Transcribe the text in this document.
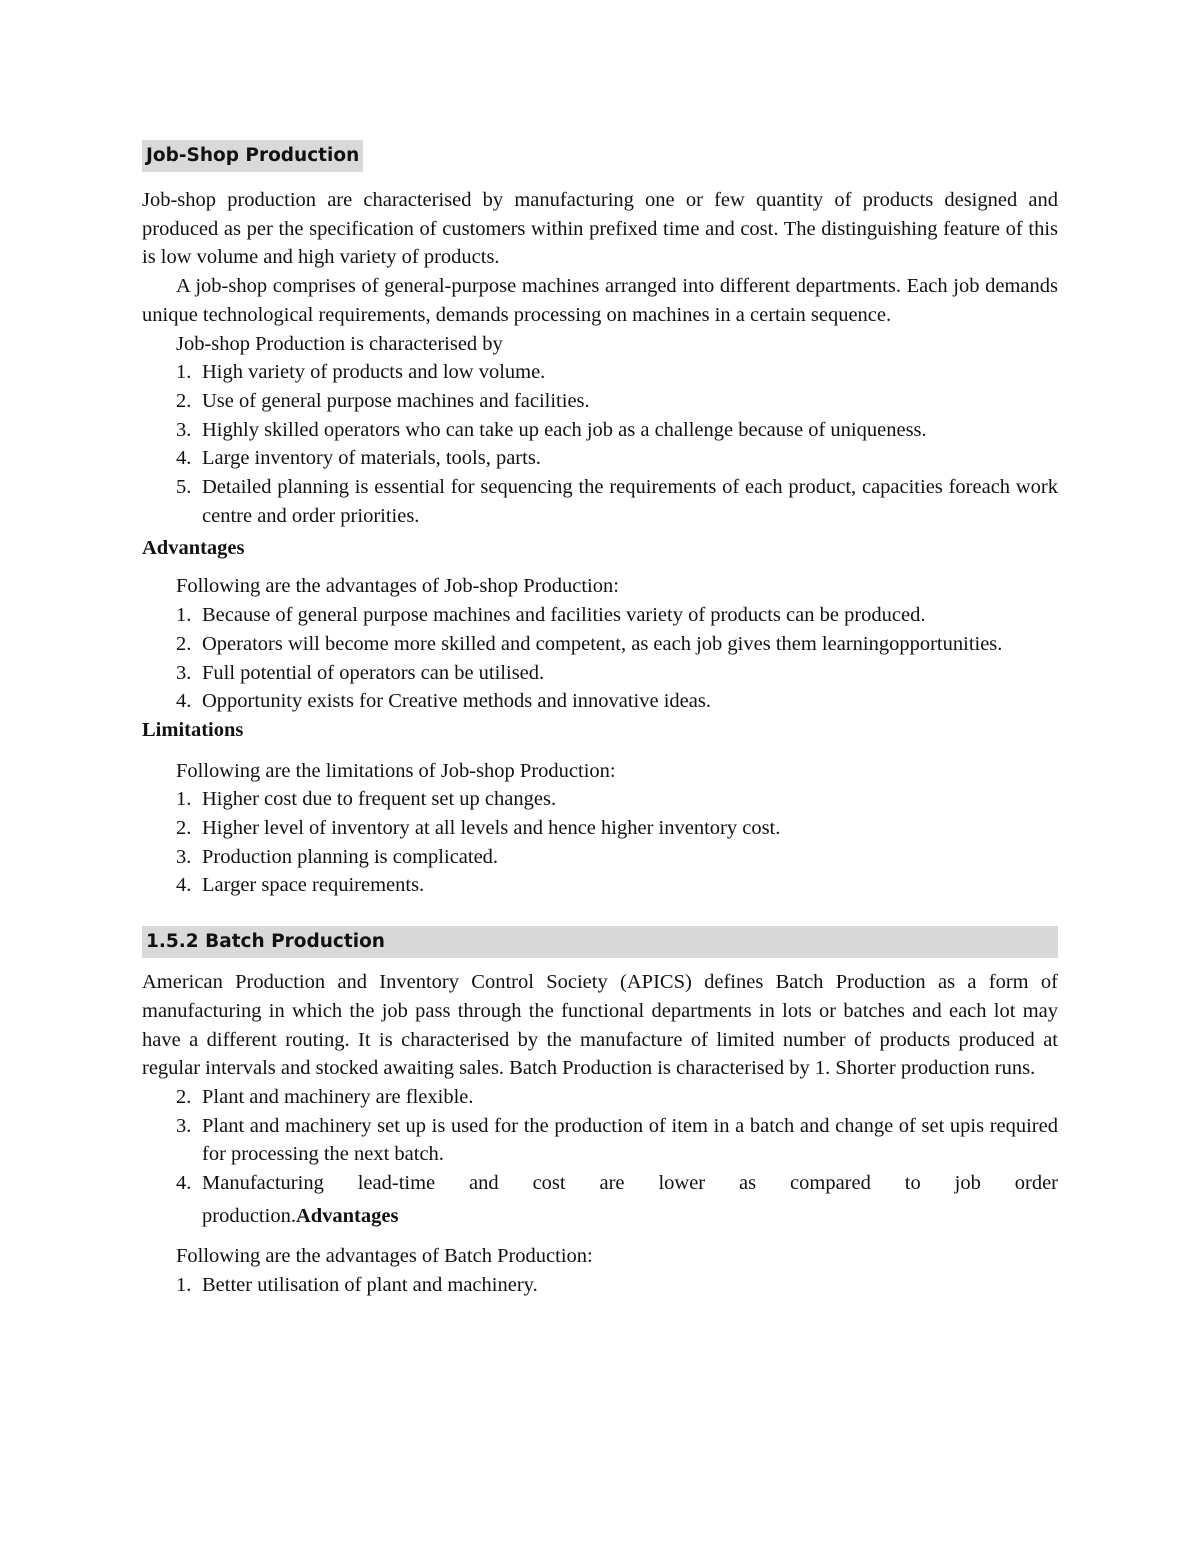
Job-Shop Production

Job-shop production are characterised by manufacturing one or few quantity of products designed and produced as per the specification of customers within prefixed time and cost. The distinguishing feature of this is low volume and high variety of products.

A job-shop comprises of general-purpose machines arranged into different departments. Each job demands unique technological requirements, demands processing on machines in a certain sequence.

Job-shop Production is characterised by

1. High variety of products and low volume.
2. Use of general purpose machines and facilities.
3. Highly skilled operators who can take up each job as a challenge because of uniqueness.
4. Large inventory of materials, tools, parts.
5. Detailed planning is essential for sequencing the requirements of each product, capacities foreach work centre and order priorities.
Advantages

Following are the advantages of Job-shop Production:

1. Because of general purpose machines and facilities variety of products can be produced.
2. Operators will become more skilled and competent, as each job gives them learningopportunities.
3. Full potential of operators can be utilised.
4. Opportunity exists for Creative methods and innovative ideas.
Limitations

Following are the limitations of Job-shop Production:

1. Higher cost due to frequent set up changes.
2. Higher level of inventory at all levels and hence higher inventory cost.
3. Production planning is complicated.
4. Larger space requirements.
1.5.2 Batch Production

American Production and Inventory Control Society (APICS) defines Batch Production as a form of manufacturing in which the job pass through the functional departments in lots or batches and each lot may have a different routing. It is characterised by the manufacture of limited number of products produced at regular intervals and stocked awaiting sales. Batch Production is characterised by 1. Shorter production runs.

2. Plant and machinery are flexible.
3. Plant and machinery set up is used for the production of item in a batch and change of set upis required for processing the next batch.
4. Manufacturing lead-time and cost are lower as compared to job order
production.Advantages

Following are the advantages of Batch Production:

1. Better utilisation of plant and machinery.
